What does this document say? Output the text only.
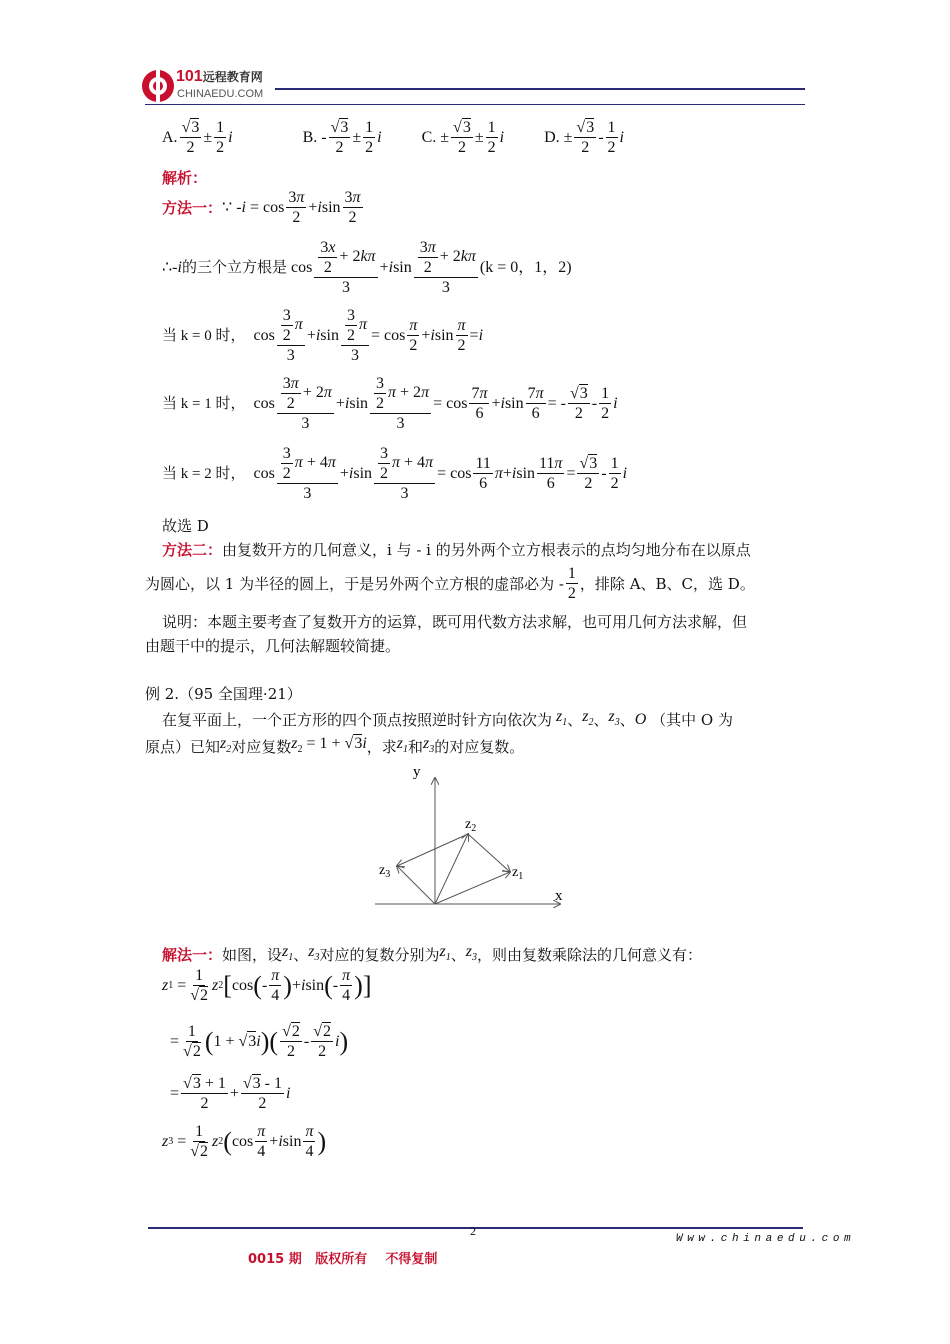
101远程教育网
CHINAEDU.COM
A. $\frac{√3}{2} \pm \frac{1}{2}$ i	B. - $\frac{√3}{2} \pm \frac{1}{2}$ i	C. ± $\frac{√3}{2} \pm \frac{1}{2}$ i	D. ± $\frac{√3}{2} - \frac{1}{2}$ i
解析：
方法一： ∵ - $i = \cos \frac{3\pi}{2} + i$ $\sin \frac{3\pi}{2}$
∴- i 的三个立方根是 $\cos \frac{\frac{3x}{2} + 2k\pi}{3} + i$ $\sin \frac{\frac{3\pi}{2} + 2k\pi}{3} (k = 0$，1，2)
当 k = 0 时， $\cos \frac{\frac{3}{2} \pi}{3} + i$ $\sin \frac{\frac{3}{2} \pi}{3} = \cos \frac{\pi}{2} + i$ $\sin \frac{\pi}{2} = i$
当 k = 1 时， $\cos \frac{\frac{3\pi}{2} + 2\pi}{3} + i$ $\sin \frac{\frac{3}{2} \pi + 2\pi}{3} = \cos \frac{7\pi}{6} + i$ $\sin \frac{7\pi}{6}$ = - $\frac{√3}{2} - \frac{1}{2}$ i
当 k = 2 时， $\cos \frac{\frac{3}{2} \pi + 4\pi}{3} + i$ $\sin \frac{\frac{3}{2} \pi + 4\pi}{3} = \cos \frac{11}{6}$ π + i $\sin \frac{11\pi}{6} = \frac{√3}{2} - \frac{1}{2}$ i
故选 D
方法二：由复数开方的几何意义，i 与 - i 的另外两个立方根表示的点均匀地分布在以原点
为圆心，以 1 为半径的圆上，于是另外两个立方根的虚部必为 - $\frac{1}{2}$ ，排除 A、B、C，选 D。
说明：本题主要考查了复数开方的运算，既可用代数方法求解，也可用几何方法求解，但
由题干中的提示，几何法解题较简捷。
例 2.（95 全国理·21）
在复平面上，一个正方形的四个顶点按照逆时针方向依次为 $z_1$ 、 $z_2$ 、 $z_3$ 、 O
（其中 O 为
原点）已知 $z_2$ 对应复数 $z_2 = 1 + √3i$ ，求 $z_1$ 和 $z_3$ 的对应复数。
y
x
$z_2$
$z_1$
$z_3$
解法一： 如图，设 $z_1$ 、 $z_3$ 对应的复数分别为 $z_1$ 、 $z_3$ ，则由复数乘除法的几何意义有：
z $1 = \frac{1}{√2}$ z 2 [ cos ( - $\frac{\pi}{4}$ ) + i sin ( - $\frac{\pi}{4}$ ) ]
= $\frac{1}{√2}$ ( 1 + √ 3 i ) ( $\frac{√2}{2} - \frac{√2}{2}$ i )
= $\frac{√3 + 1}{2} + \frac{√3 - 1}{2}$ i
z $3 = \frac{1}{√2}$ z 2 ( $\cos \frac{\pi}{4} + i$ $\sin \frac{\pi}{4}$ )
2
W w w . c h i n a e d u . c o m
0015 期   版权所有    不得复制
